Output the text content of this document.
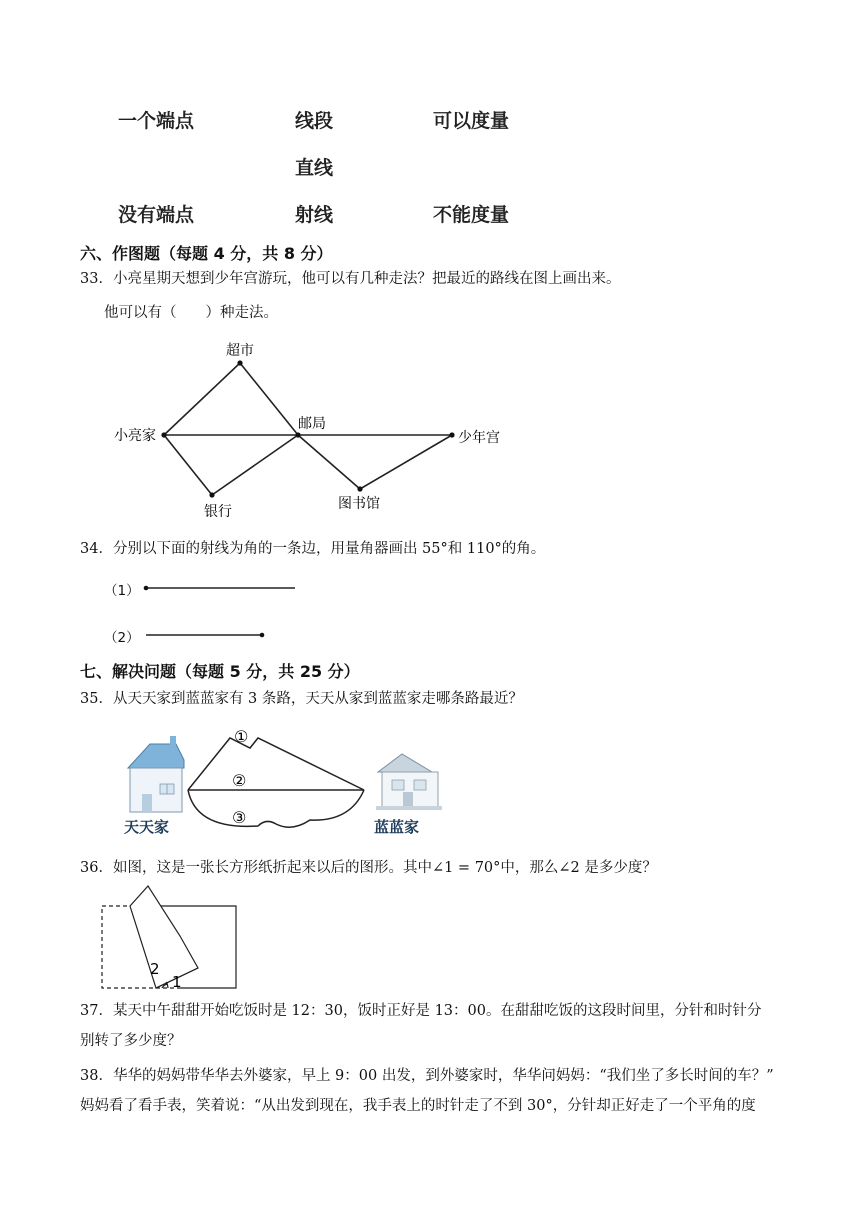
一个端点
没有端点
线段
直线
射线
可以度量
不能度量
六、作图题（每题 4 分，共 8 分）
33．小亮星期天想到少年宫游玩，他可以有几种走法？把最近的路线在图上画出来。
他可以有（　　）种走法。
超市
小亮家
邮局
少年宫
银行	图书馆
34．分别以下面的射线为角的一条边，用量角器画出 55°和 110°的角。
（1）
（2）
七、解决问题（每题 5 分，共 25 分）
35．从天天家到蓝蓝家有 3 条路，天天从家到蓝蓝家走哪条路最近？
天天家	蓝蓝家
①
②
③
36．如图，这是一张长方形纸折起来以后的图形。其中∠1 = 70°中，那么∠2 是多少度？
2
1
37．某天中午甜甜开始吃饭时是 12：30，饭时正好是 13：00。在甜甜吃饭的这段时间里，分针和时针分
别转了多少度？
38．华华的妈妈带华华去外婆家，早上 9：00 出发，到外婆家时，华华问妈妈：“我们坐了多长时间的车？”
妈妈看了看手表，笑着说：“从出发到现在，我手表上的时针走了不到 30°，分针却正好走了一个平角的度
